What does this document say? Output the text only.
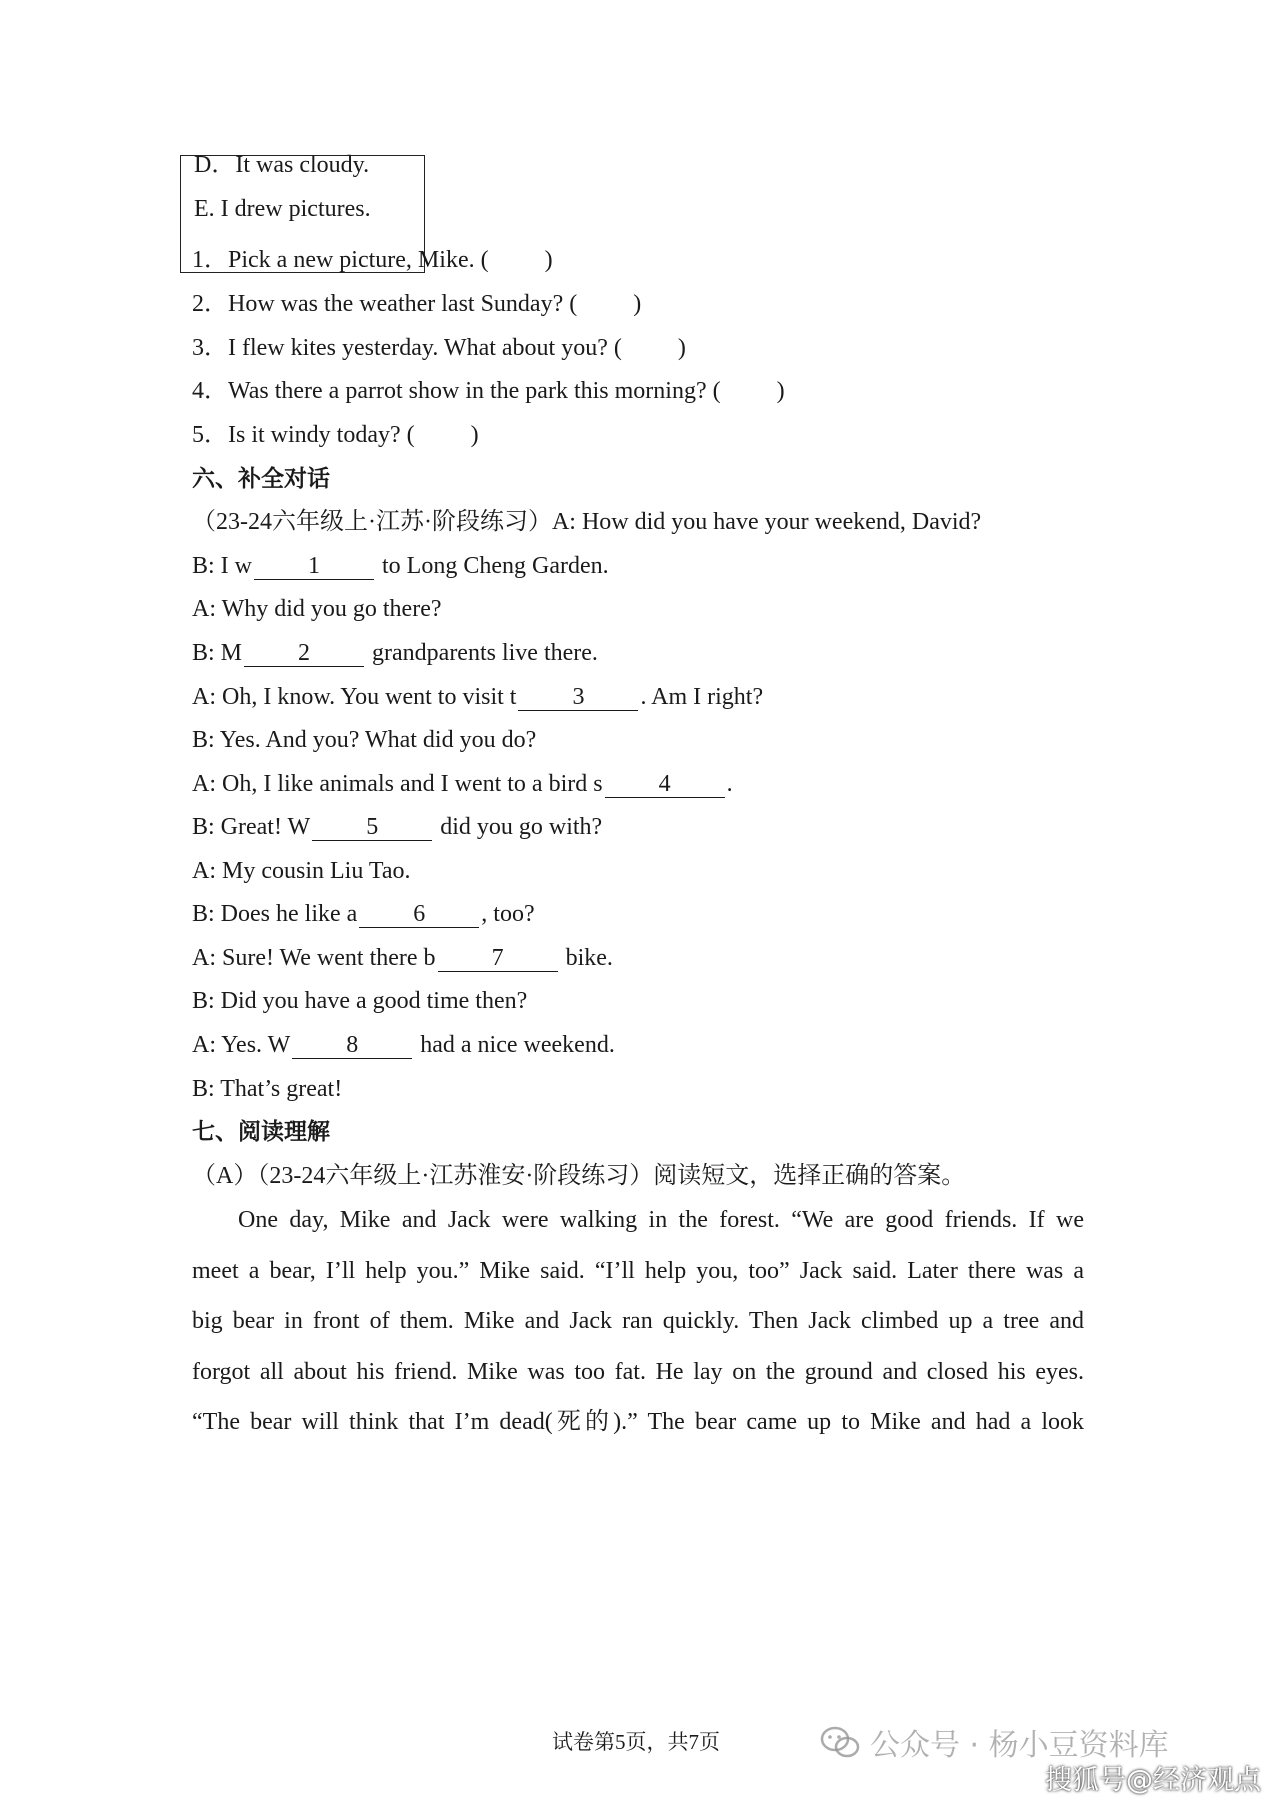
D．It was cloudy.
E. I drew pictures.
1．Pick a new picture, Mike. ( )
2．How was the weather last Sunday? ( )
3．I flew kites yesterday. What about you? ( )
4．Was there a parrot show in the park this morning? ( )
5．Is it windy today? ( )
六、补全对话
（23-24六年级上·江苏·阶段练习）A: How did you have your weekend, David?
B: I w 1 to Long Cheng Garden.
A: Why did you go there?
B: M 2 grandparents live there.
A: Oh, I know. You went to visit t 3 . Am I right?
B: Yes. And you? What did you do?
A: Oh, I like animals and I went to a bird s 4 .
B: Great! W 5 did you go with?
A: My cousin Liu Tao.
B: Does he like a 6 , too?
A: Sure! We went there b 7 bike.
B: Did you have a good time then?
A: Yes. W 8 had a nice weekend.
B: That’s great!
七、阅读理解
（A）（23-24六年级上·江苏淮安·阶段练习）阅读短文，选择正确的答案。
One day, Mike and Jack were walking in the forest. “We are good friends. If we
meet a bear, I’ll help you.” Mike said. “I’ll help you, too” Jack said. Later there was a
big bear in front of them. Mike and Jack ran quickly. Then Jack climbed up a tree and
forgot all about his friend. Mike was too fat. He lay on the ground and closed his eyes.
“The bear will think that I’m dead(死的).” The bear came up to Mike and had a look
试卷第5页，共7页	公众号 · 杨小豆资料库
搜狐号@经济观点
